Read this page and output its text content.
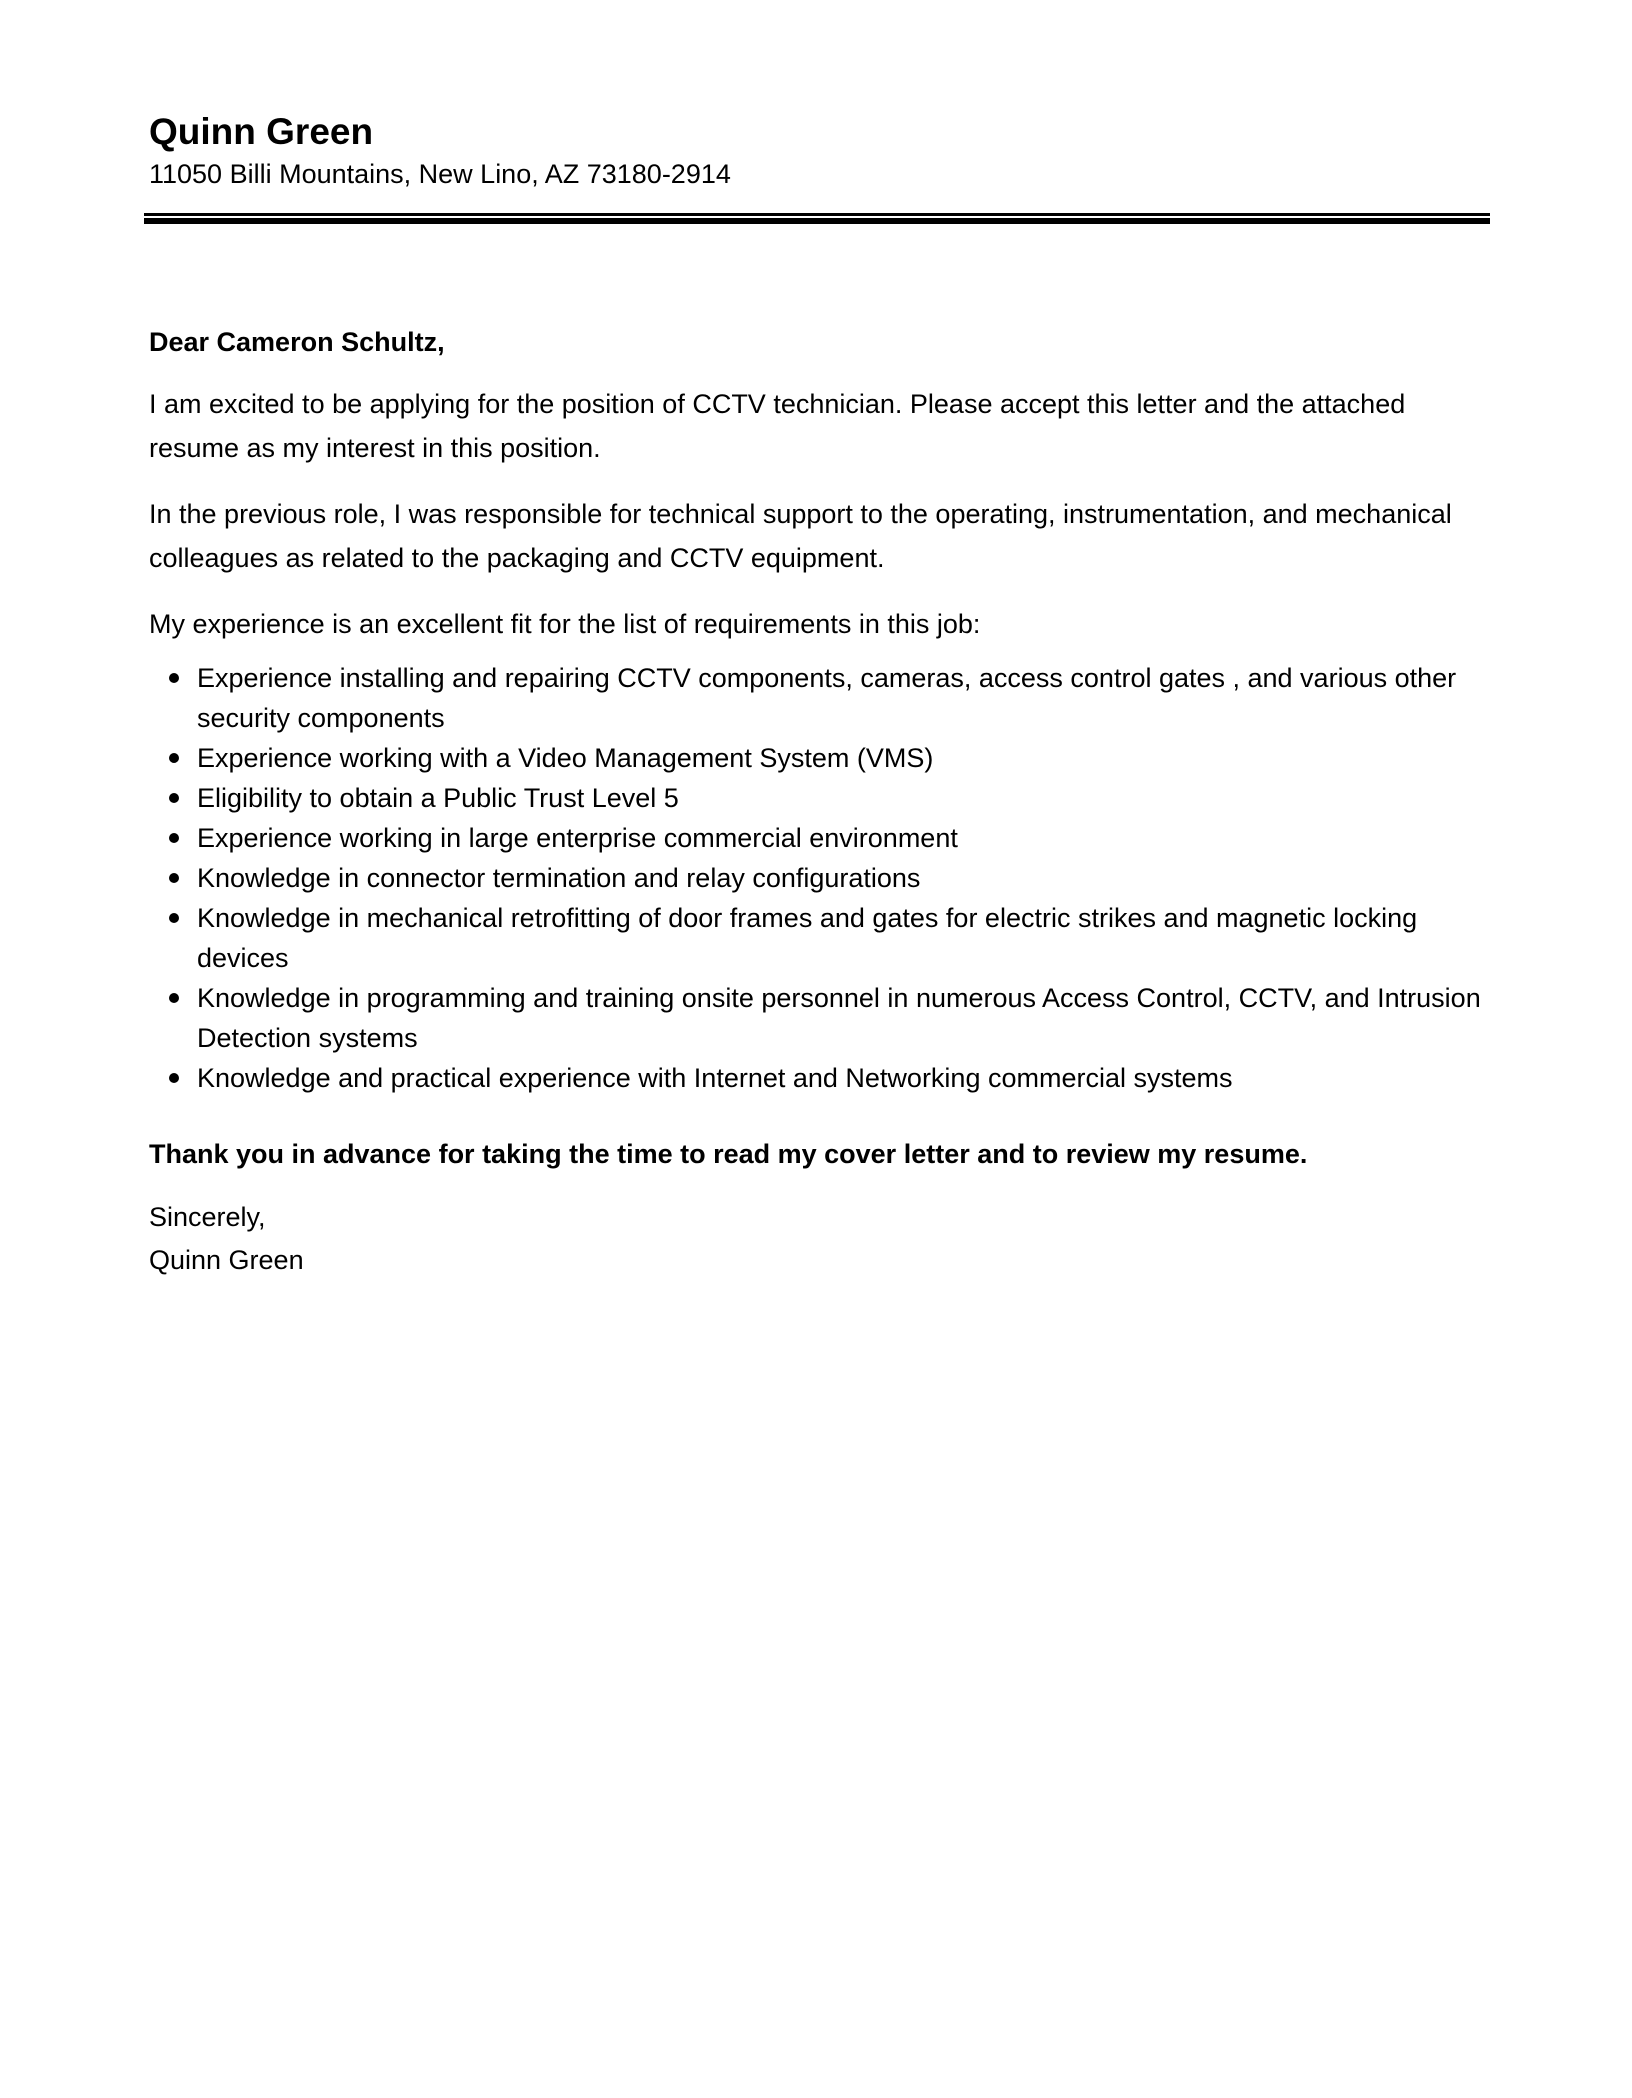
Quinn Green

11050 Billi Mountains, New Lino, AZ 73180-2914

Dear Cameron Schultz,

I am excited to be applying for the position of CCTV technician. Please accept this letter and the attached resume as my interest in this position.

In the previous role, I was responsible for technical support to the operating, instrumentation, and mechanical colleagues as related to the packaging and CCTV equipment.

My experience is an excellent fit for the list of requirements in this job:

Experience installing and repairing CCTV components, cameras, access control gates , and various other security components
Experience working with a Video Management System (VMS)
Eligibility to obtain a Public Trust Level 5
Experience working in large enterprise commercial environment
Knowledge in connector termination and relay configurations
Knowledge in mechanical retrofitting of door frames and gates for electric strikes and magnetic locking devices
Knowledge in programming and training onsite personnel in numerous Access Control, CCTV, and Intrusion Detection systems
Knowledge and practical experience with Internet and Networking commercial systems

Thank you in advance for taking the time to read my cover letter and to review my resume.

Sincerely,

Quinn Green
